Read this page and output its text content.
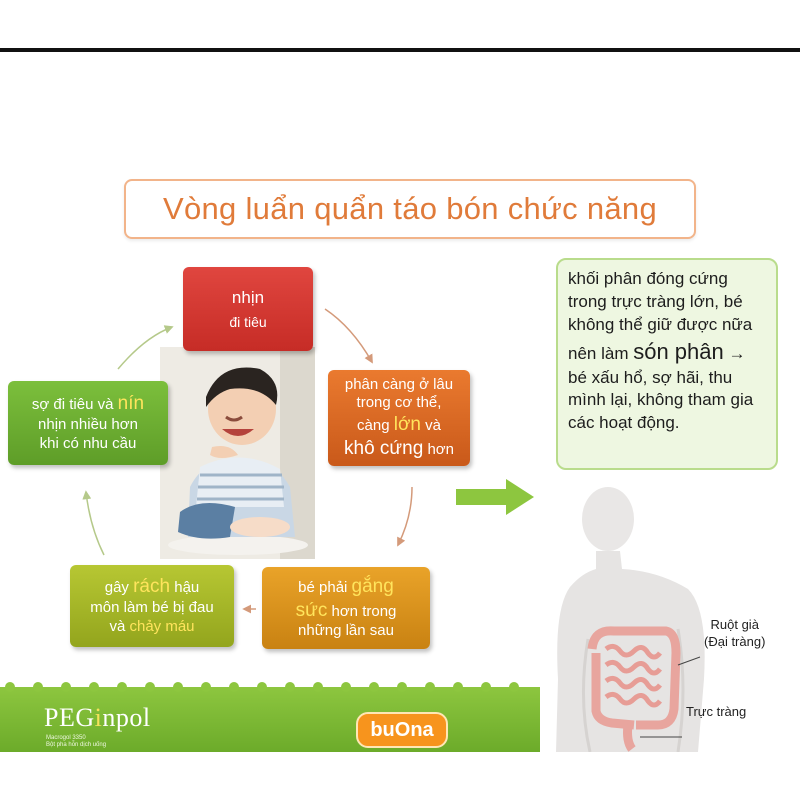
Vòng luẩn quẩn táo bón chức năng
nhịn
đi tiêu
phân càng ở lâu
trong cơ thể,
càng lớn và
khô cứng hơn
bé phải gắng
sức hơn trong
những lần sau
gây rách hậu
môn làm bé bị đau
và chảy máu
sợ đi tiêu và nín
nhịn nhiều hơn
khi có nhu cầu
khối phân đóng cứng trong trực tràng lớn, bé không thể giữ được nữa nên làm són phân → bé xấu hổ, sợ hãi, thu mình lại, không tham gia các hoạt động.
Ruột già
(Đại tràng)
Trực tràng
PEGinpol
Macrogol 3350
Bột pha hỗn dịch uống
buOna
